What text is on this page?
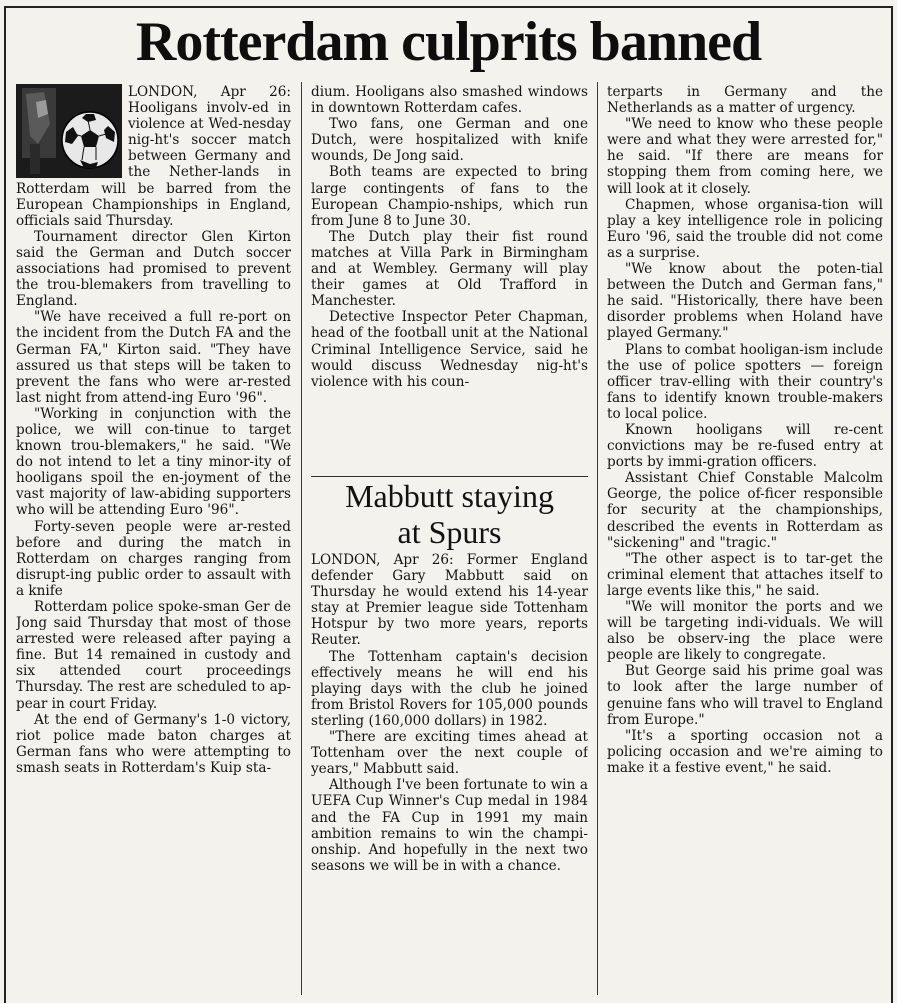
Rotterdam culprits banned

LONDON, Apr 26: Hooligans involv-ed in violence at Wed-nesday nig-ht's soccer match between Germany and the Nether-lands in Rotterdam will be barred from the European Championships in England, officials said Thursday.

Tournament director Glen Kirton said the German and Dutch soccer associations had promised to prevent the trou-blemakers from travelling to England.

"We have received a full re-port on the incident from the Dutch FA and the German FA," Kirton said. "They have assured us that steps will be taken to prevent the fans who were ar-rested last night from attend-ing Euro '96".

"Working in conjunction with the police, we will con-tinue to target known trou-blemakers," he said. "We do not intend to let a tiny minor-ity of hooligans spoil the en-joyment of the vast majority of law-abiding supporters who will be attending Euro '96".

Forty-seven people were ar-rested before and during the match in Rotterdam on charges ranging from disrupt-ing public order to assault with a knife

Rotterdam police spoke-sman Ger de Jong said Thursday that most of those arrested were released after paying a fine. But 14 remained in custody and six attended court proceedings Thursday. The rest are scheduled to ap-pear in court Friday.

At the end of Germany's 1-0 victory, riot police made baton charges at German fans who were attempting to smash seats in Rotterdam's Kuip sta-

dium. Hooligans also smashed windows in downtown Rotterdam cafes.

Two fans, one German and one Dutch, were hospitalized with knife wounds, De Jong said.

Both teams are expected to bring large contingents of fans to the European Champio-nships, which run from June 8 to June 30.

The Dutch play their fist round matches at Villa Park in Birmingham and at Wembley. Germany will play their games at Old Trafford in Manchester.

Detective Inspector Peter Chapman, head of the football unit at the National Criminal Intelligence Service, said he would discuss Wednesday nig-ht's violence with his coun-

Mabbutt staying
at Spurs

LONDON, Apr 26: Former England defender Gary Mabbutt said on Thursday he would extend his 14-year stay at Premier league side Tottenham Hotspur by two more years, reports Reuter.

The Tottenham captain's decision effectively means he will end his playing days with the club he joined from Bristol Rovers for 105,000 pounds sterling (160,000 dollars) in 1982.

"There are exciting times ahead at Tottenham over the next couple of years," Mabbutt said.

Although I've been fortunate to win a UEFA Cup Winner's Cup medal in 1984 and the FA Cup in 1991 my main ambition remains to win the champi-onship. And hopefully in the next two seasons we will be in with a chance.

terparts in Germany and the Netherlands as a matter of urgency.

"We need to know who these people were and what they were arrested for," he said. "If there are means for stopping them from coming here, we will look at it closely.

Chapmen, whose organisa-tion will play a key intelligence role in policing Euro '96, said the trouble did not come as a surprise.

"We know about the poten-tial between the Dutch and German fans," he said. "Historically, there have been disorder problems when Holand have played Germany."

Plans to combat hooligan-ism include the use of police spotters — foreign officer trav-elling with their country's fans to identify known trouble-makers to local police.

Known hooligans will re-cent convictions may be re-fused entry at ports by immi-gration officers.

Assistant Chief Constable Malcolm George, the police of-ficer responsible for security at the championships, described the events in Rotterdam as "sickening" and "tragic."

"The other aspect is to tar-get the criminal element that attaches itself to large events like this," he said.

"We will monitor the ports and we will be targeting indi-viduals. We will also be observ-ing the place were people are likely to congregate.

But George said his prime goal was to look after the large number of genuine fans who will travel to England from Europe."

"It's a sporting occasion not a policing occasion and we're aiming to make it a festive event," he said.
